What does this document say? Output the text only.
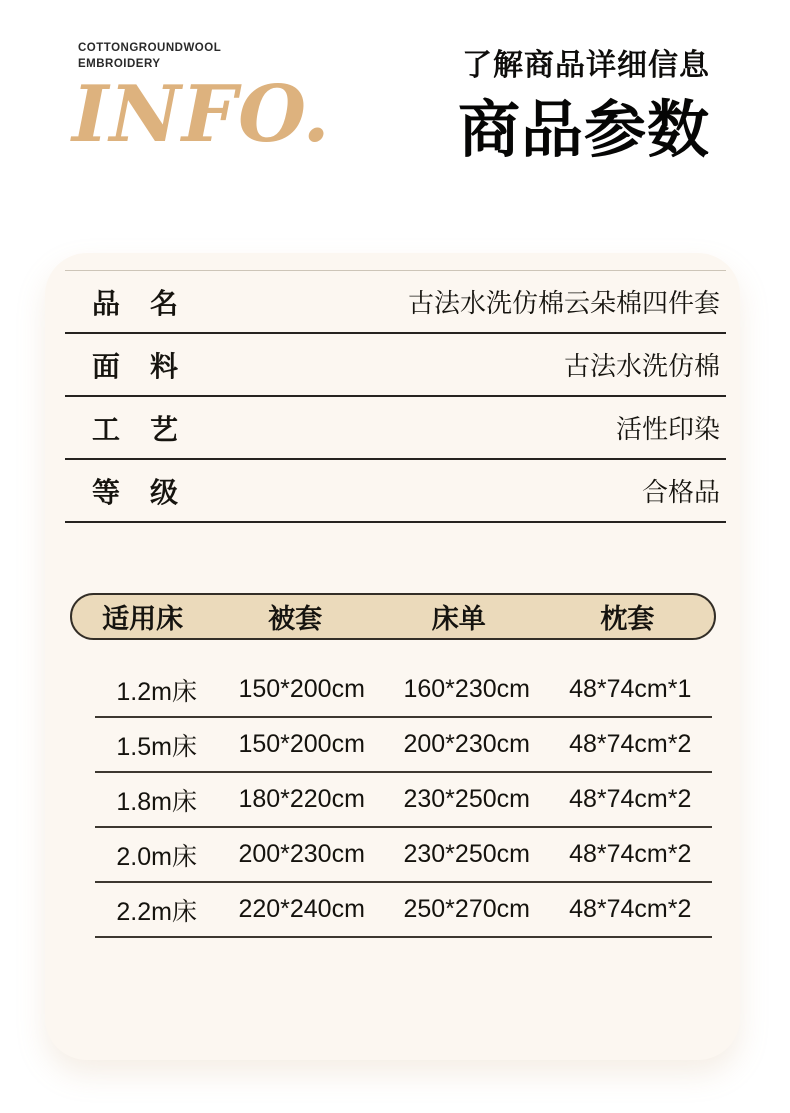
COTTONGROUNDWOOL
EMBROIDERY
INFO.
了解商品详细信息
商品参数
品 名	古法水洗仿棉云朵棉四件套
面 料	古法水洗仿棉
工 艺	活性印染
等 级	合格品
适用床	被套	床单	枕套
1.2m床	150*200cm	160*230cm	48*74cm*1
1.5m床	150*200cm	200*230cm	48*74cm*2
1.8m床	180*220cm	230*250cm	48*74cm*2
2.0m床	200*230cm	230*250cm	48*74cm*2
2.2m床	220*240cm	250*270cm	48*74cm*2
